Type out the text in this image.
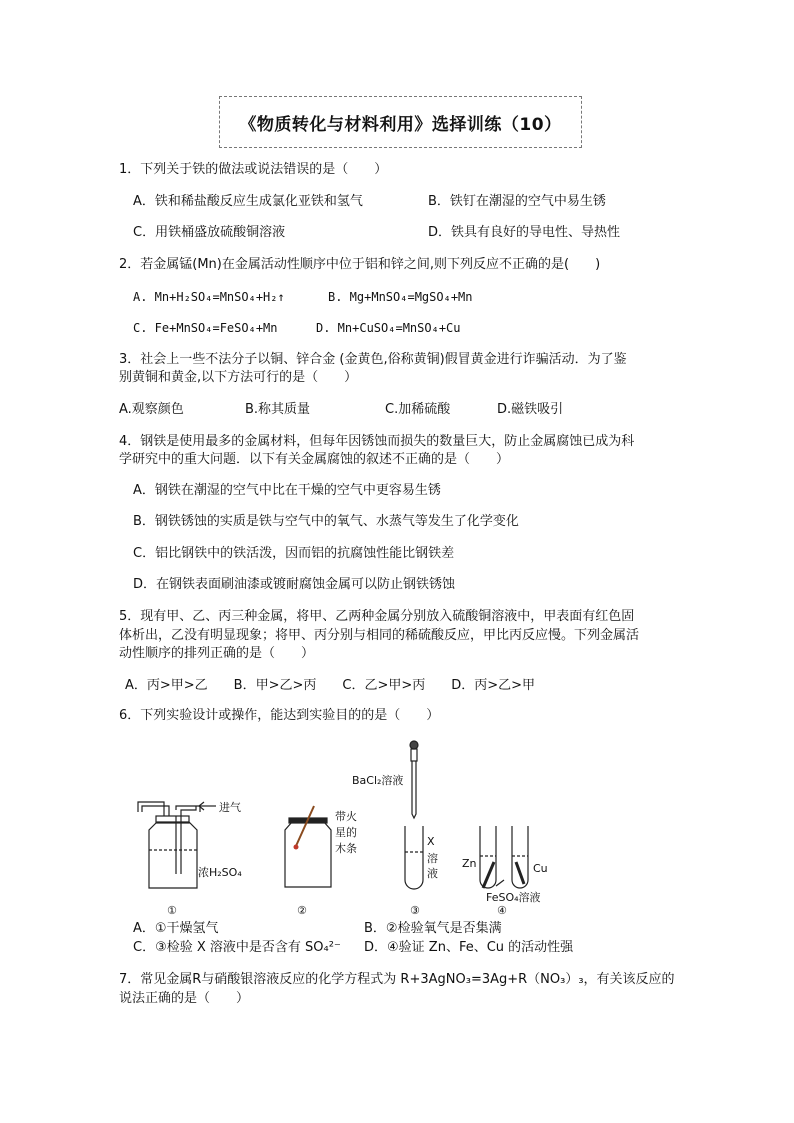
《物质转化与材料利用》选择训练（10）
1．下列关于铁的做法或说法错误的是（　　）
A．铁和稀盐酸反应生成氯化亚铁和氢气	B．铁钉在潮湿的空气中易生锈
C．用铁桶盛放硫酸铜溶液	D．铁具有良好的导电性、导热性
2．若金属锰(Mn)在金属活动性顺序中位于铝和锌之间,则下列反应不正确的是(　　)
A. Mn+H₂SO₄=MnSO₄+H₂↑	B. Mg+MnSO₄=MgSO₄+Mn
C. Fe+MnSO₄=FeSO₄+Mn	D. Mn+CuSO₄=MnSO₄+Cu
3．社会上一些不法分子以铜、锌合金 (金黄色,俗称黄铜)假冒黄金进行诈骗活动．为了鉴
别黄铜和黄金,以下方法可行的是（　　）
A.观察颜色	B.称其质量	C.加稀硫酸	D.磁铁吸引
4．钢铁是使用最多的金属材料，但每年因锈蚀而损失的数量巨大，防止金属腐蚀已成为科
学研究中的重大问题．以下有关金属腐蚀的叙述不正确的是（　　）
A．钢铁在潮湿的空气中比在干燥的空气中更容易生锈
B．钢铁锈蚀的实质是铁与空气中的氧气、水蒸气等发生了化学变化
C．铝比钢铁中的铁活泼，因而铝的抗腐蚀性能比钢铁差
D．在钢铁表面刷油漆或镀耐腐蚀金属可以防止钢铁锈蚀
5．现有甲、乙、丙三种金属，将甲、乙两种金属分别放入硫酸铜溶液中，甲表面有红色固
体析出，乙没有明显现象；将甲、丙分别与相同的稀硫酸反应，甲比丙反应慢。下列金属活
动性顺序的排列正确的是（　　）
A．丙>甲>乙　　B．甲>乙>丙　　C．乙>甲>丙　　D．丙>乙>甲
6．下列实验设计或操作，能达到实验目的的是（　　）
进气
浓H₂SO₄
带火
星的
木条
BaCl₂溶液
X
溶
液
Zn	Cu
FeSO₄溶液
①	②	③	④
A．①干燥氢气	B．②检验氧气是否集满
C．③检验 X 溶液中是否含有 SO₄²⁻ D．④验证 Zn、Fe、Cu 的活动性强
7．常见金属R与硝酸银溶液反应的化学方程式为 R+3AgNO₃=3Ag+R（NO₃）₃，有关该反应的
说法正确的是（　　）
